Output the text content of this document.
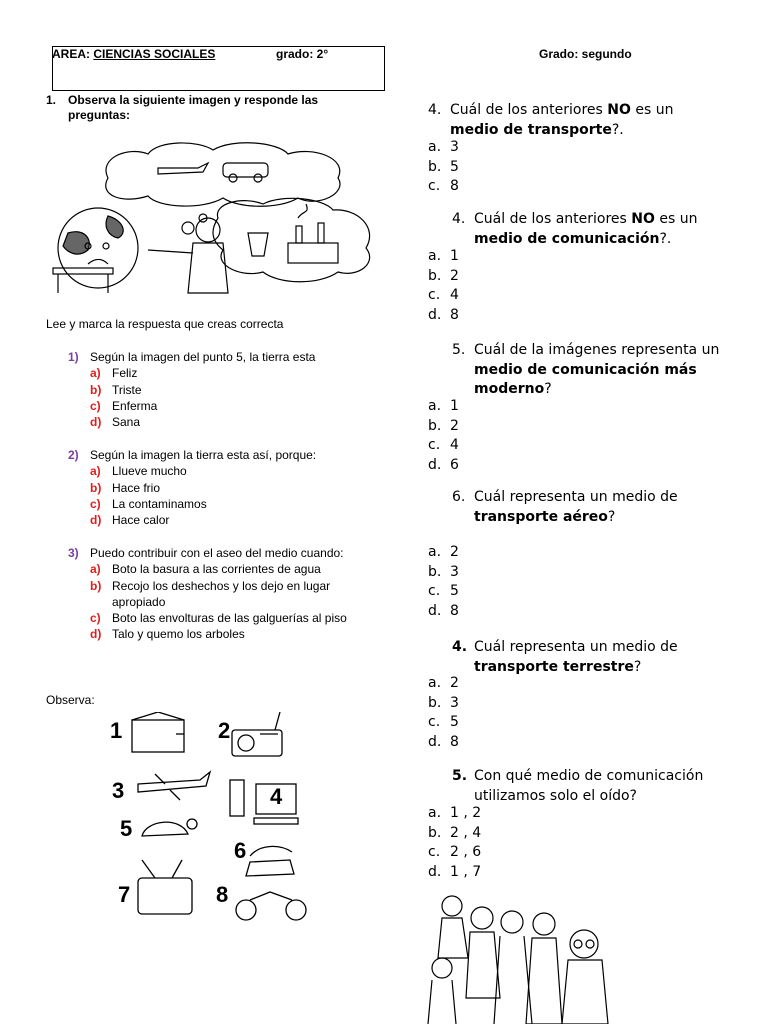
AREA: CIENCIAS SOCIALES	grado: 2°	Grado: segundo
1. Observa la siguiente imagen y responde las preguntas:
Lee y marca la respuesta que creas correcta
1) Según la imagen del punto 5, la tierra esta
a) Feliz
b) Triste
c) Enferma
d) Sana
2) Según la imagen la tierra esta así, porque:
a) Llueve mucho
b) Hace frio
c) La contaminamos
d) Hace calor
3) Puedo contribuir con el aseo del medio cuando:
a) Boto la basura a las corrientes de agua
b) Recojo los deshechos y los dejo en lugar apropiado
c) Boto las envolturas de las galguerías al piso
d) Talo y quemo los arboles
Observa:
1	2
3	4
5
6
7	8
4. Cuál de los anteriores NO es un medio de transporte?.
a. 3
b. 5
c. 8
4. Cuál de los anteriores NO es un medio de comunicación?.
a. 1
b. 2
c. 4
d. 8
5. Cuál de la imágenes representa un medio de comunicación más moderno?
a. 1
b. 2
c. 4
d. 6
6. Cuál representa un medio de transporte aéreo?
a. 2
b. 3
c. 5
d. 8
4. Cuál representa un medio de transporte terrestre?
a. 2
b. 3
c. 5
d. 8
5. Con qué medio de comunicación utilizamos solo el oído?
a. 1 , 2
b. 2 , 4
c. 2 , 6
d. 1 , 7
